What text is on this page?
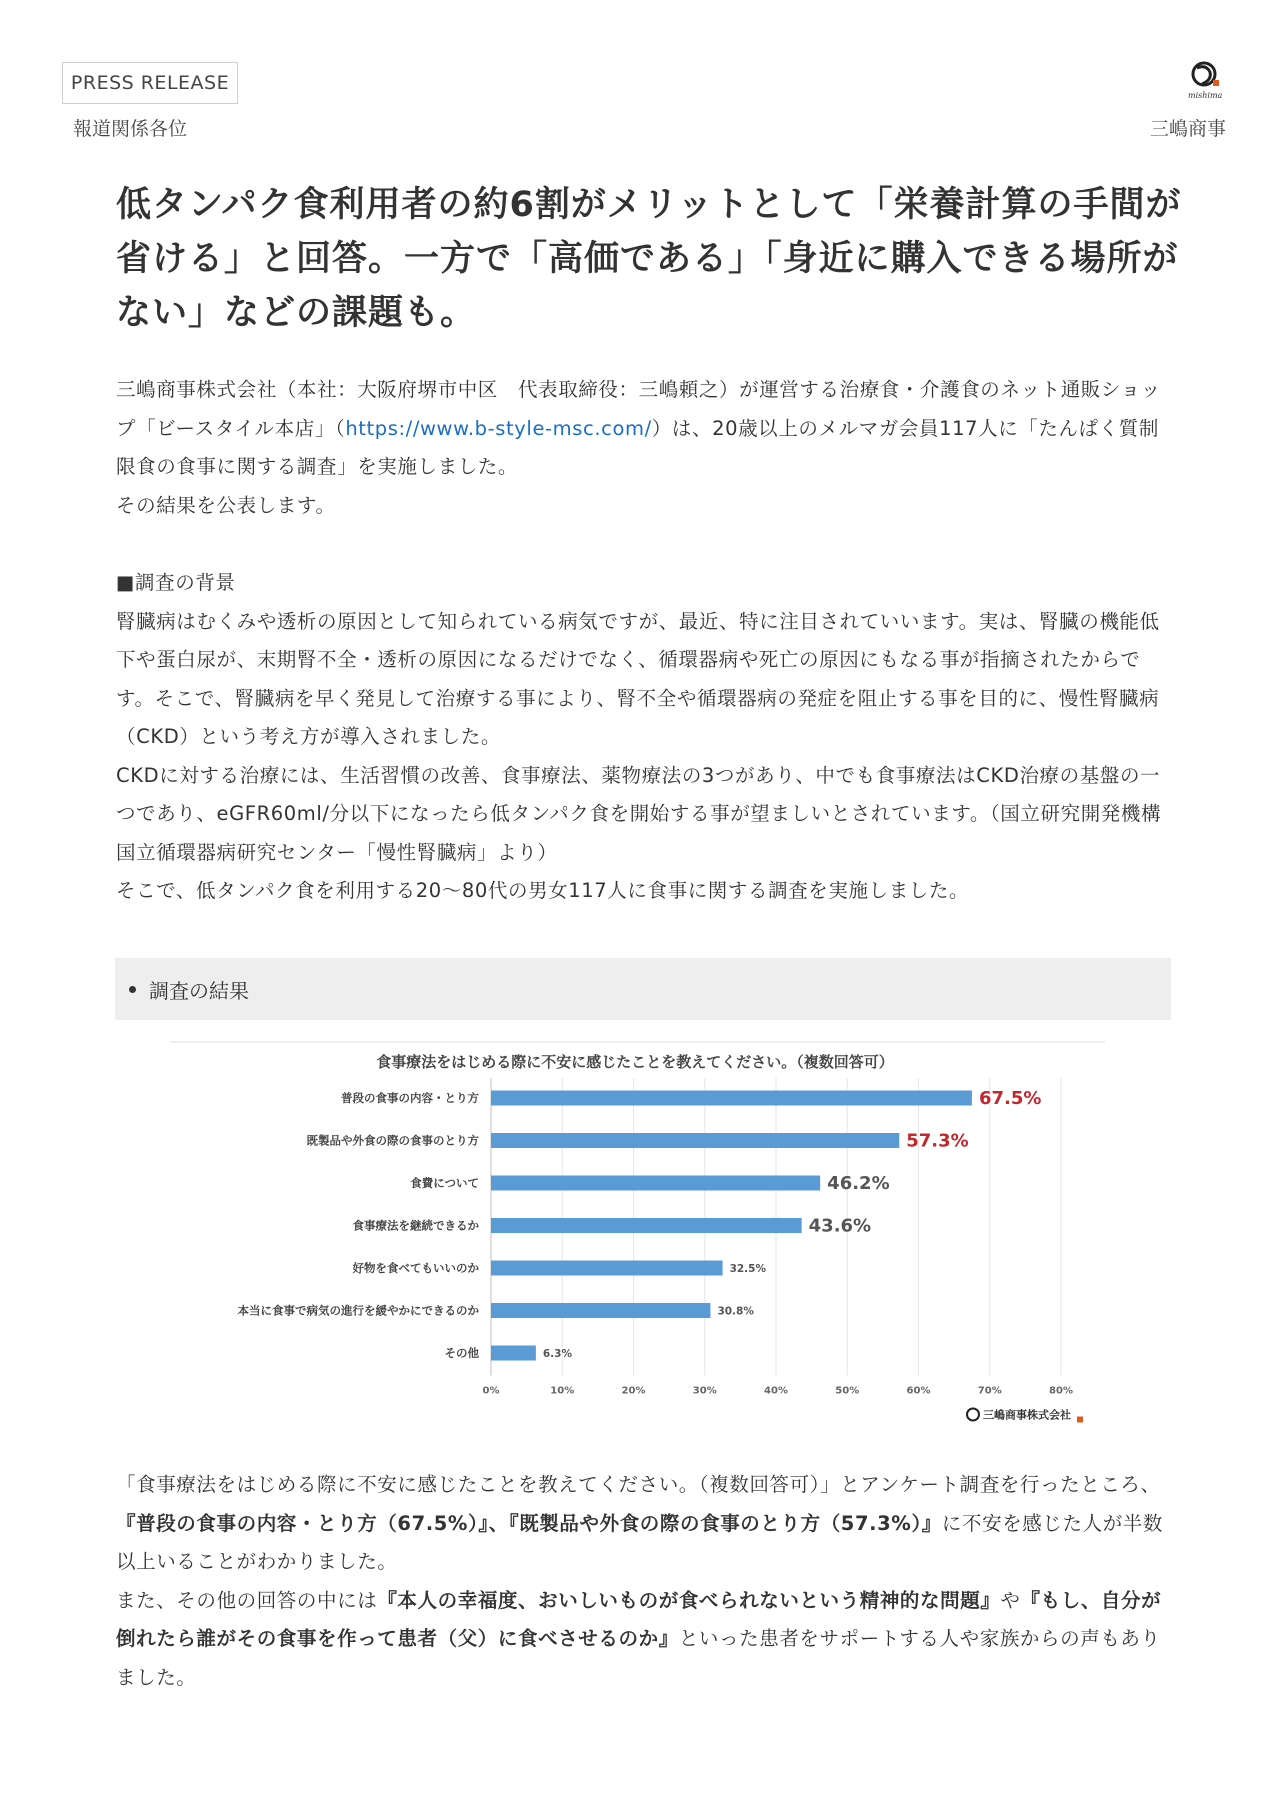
PRESS RELEASE
報道関係各位
mishima
三嶋商事
低タンパク食利用者の約6割がメリットとして「栄養計算の手間が省ける」と回答。一方で「高価である」「身近に購入できる場所がない」などの課題も。

三嶋商事株式会社（本社：大阪府堺市中区　代表取締役：三嶋頼之）が運営する治療食・介護食のネット通販ショップ「ビースタイル本店」（https://www.b-style-msc.com/）は、20歳以上のメルマガ会員117人に「たんぱく質制限食の食事に関する調査」を実施しました。

その結果を公表します。

■調査の背景

腎臓病はむくみや透析の原因として知られている病気ですが、最近、特に注目されていいます。実は、腎臓の機能低下や蛋白尿が、末期腎不全・透析の原因になるだけでなく、循環器病や死亡の原因にもなる事が指摘されたからです。そこで、腎臓病を早く発見して治療する事により、腎不全や循環器病の発症を阻止する事を目的に、慢性腎臓病（CKD）という考え方が導入されました。

CKDに対する治療には、生活習慣の改善、食事療法、薬物療法の3つがあり、中でも食事療法はCKD治療の基盤の一つであり、eGFR60ml/分以下になったら低タンパク食を開始する事が望ましいとされています。（国立研究開発機構 国立循環器病研究センター「慢性腎臓病」より）

そこで、低タンパク食を利用する20〜80代の男女117人に食事に関する調査を実施しました。

調査の結果
食事療法をはじめる際に不安に感じたことを教えてください。（複数回答可）
0%	10%	20%	30%	40%	50%	60%	70%	80%
普段の食事の内容・とり方	67.5%
既製品や外食の際の食事のとり方	57.3%
食費について	46.2%
食事療法を継続できるか	43.6%
好物を食べてもいいのか	32.5%
本当に食事で病気の進行を緩やかにできるのか	30.8%
その他	6.3%
三嶋商事株式会社

「食事療法をはじめる際に不安に感じたことを教えてください。（複数回答可）」とアンケート調査を行ったところ、『普段の食事の内容・とり方（67.5%）』、『既製品や外食の際の食事のとり方（57.3%）』に不安を感じた人が半数以上いることがわかりました。

また、その他の回答の中には『本人の幸福度、おいしいものが食べられないという精神的な問題』や『もし、自分が倒れたら誰がその食事を作って患者（父）に食べさせるのか』といった患者をサポートする人や家族からの声もありました。
